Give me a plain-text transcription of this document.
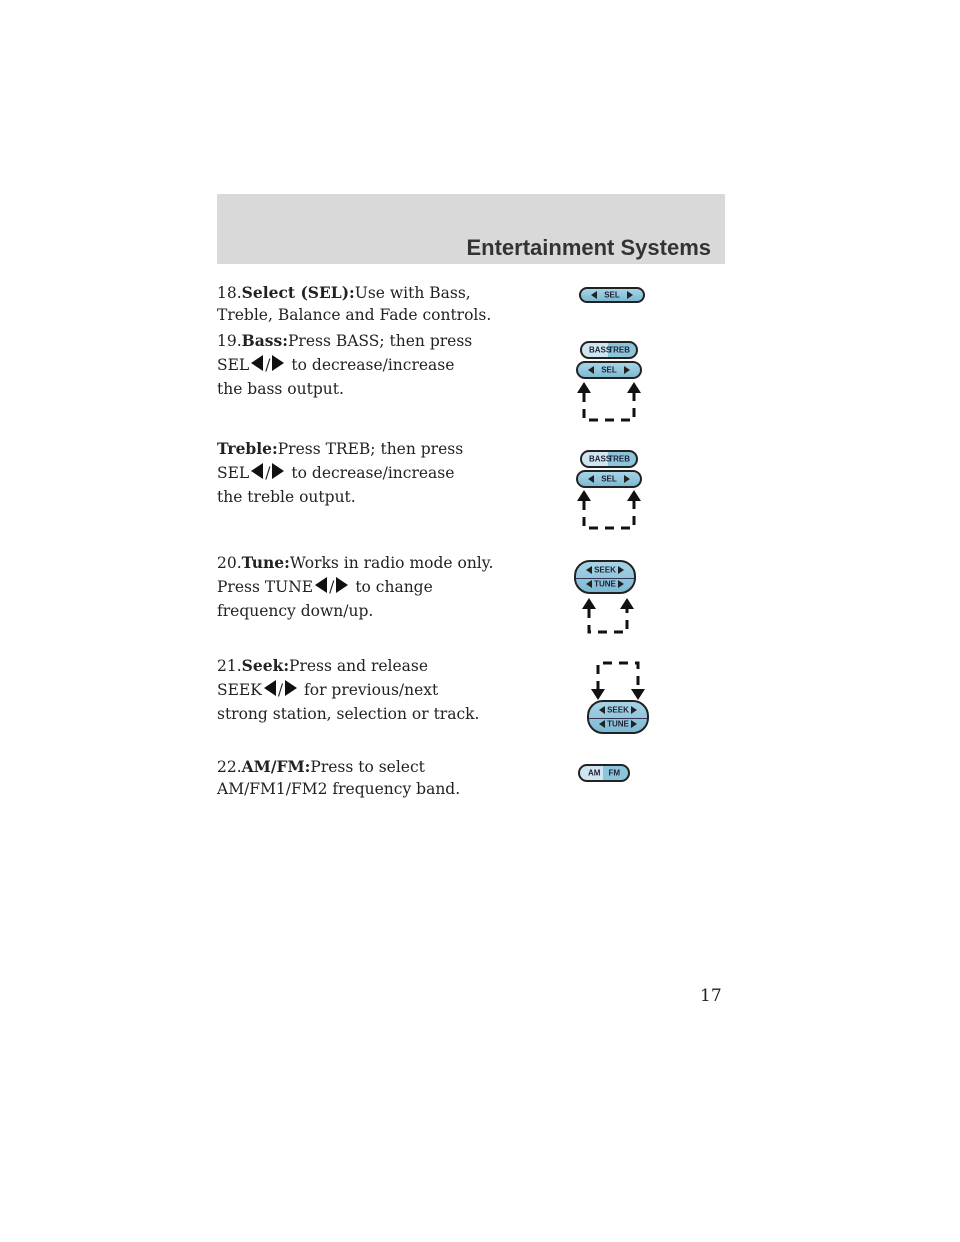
Entertainment Systems

18.Select (SEL):Use with Bass, Treble, Balance and Fade controls.

SEL

19.Bass:Press BASS; then press

SEL / to decrease/increase

the bass output.

BASS
TREB
SEL

Treble:Press TREB; then press

SEL / to decrease/increase

the treble output.

BASS
TREB
SEL

20.Tune:Works in radio mode only.

Press TUNE / to change

frequency down/up.

SEEK
TUNE

21.Seek:Press and release

SEEK / for previous/next

strong station, selection or track.	SEEK
TUNE

22.AM/FM:Press to select AM/FM1/FM2 frequency band.

AM FM
17
